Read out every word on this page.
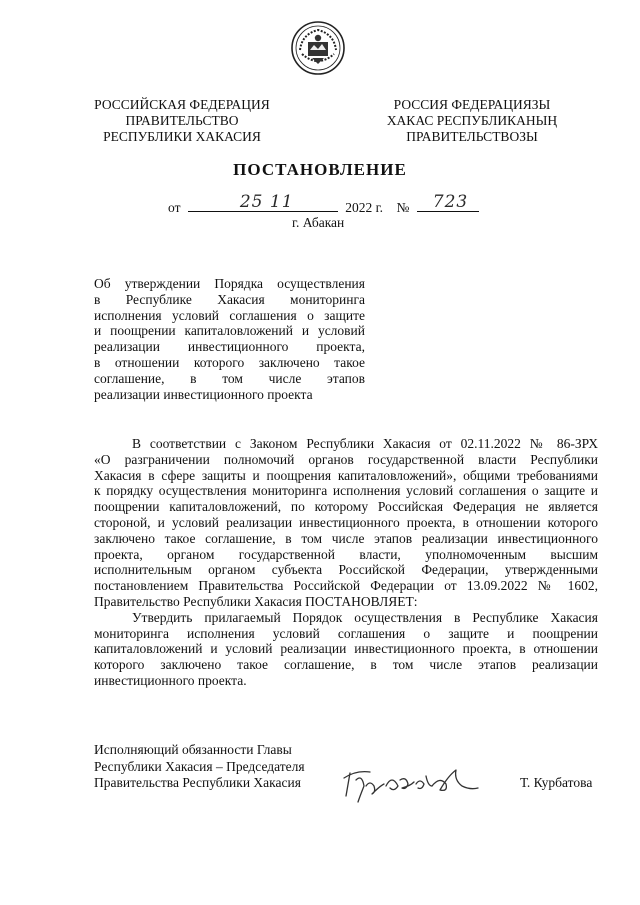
РОССИЙСКАЯ ФЕДЕРАЦИЯ
ПРАВИТЕЛЬСТВО
РЕСПУБЛИКИ ХАКАСИЯ
РОССИЯ ФЕДЕРАЦИЯЗЫ
ХАКАС РЕСПУБЛИКАНЫҢ
ПРАВИТЕЛЬСТВОЗЫ
ПОСТАНОВЛЕНИЕ
от	25 11	2022 г. № 723
г. Абакан
Об утверждении Порядка осуществления
в Республике Хакасия мониторинга
исполнения условий соглашения о защите
и поощрении капиталовложений и условий
реализации инвестиционного проекта,
в отношении которого заключено такое
соглашение, в том числе этапов
реализации инвестиционного проекта
В соответствии с Законом Республики Хакасия от 02.11.2022 № 86-ЗРХ
«О разграничении полномочий органов государственной власти Республики
Хакасия в сфере защиты и поощрения капиталовложений», общими требованиями
к порядку осуществления мониторинга исполнения условий соглашения о защите и
поощрении капиталовложений, по которому Российская Федерация не является
стороной, и условий реализации инвестиционного проекта, в отношении которого
заключено такое соглашение, в том числе этапов реализации инвестиционного
проекта, органом государственной власти, уполномоченным высшим
исполнительным органом субъекта Российской Федерации, утвержденными
постановлением Правительства Российской Федерации от 13.09.2022 № 1602,
Правительство Республики Хакасия ПОСТАНОВЛЯЕТ:
Утвердить прилагаемый Порядок осуществления в Республике Хакасия
мониторинга исполнения условий соглашения о защите и поощрении
капиталовложений и условий реализации инвестиционного проекта, в отношении
которого заключено такое соглашение, в том числе этапов реализации
инвестиционного проекта.
Исполняющий обязанности Главы
Республики Хакасия – Председателя
Правительства Республики Хакасия	Т. Курбатова
